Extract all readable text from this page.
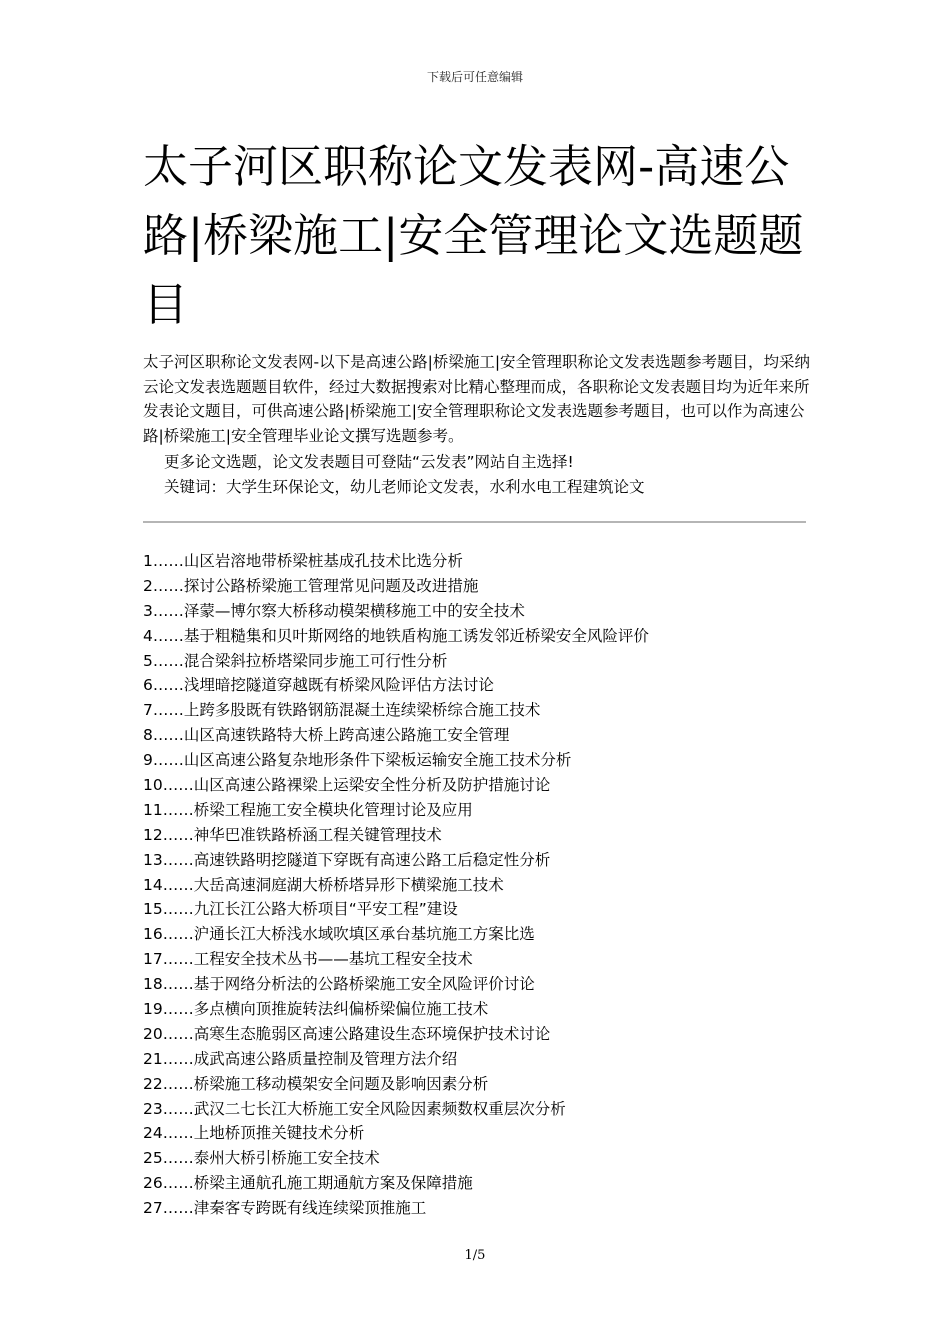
下载后可任意编辑
太子河区职称论文发表网-高速公路|桥梁施工|安全管理论文选题题目

太子河区职称论文发表网-以下是高速公路|桥梁施工|安全管理职称论文发表选题参考题目，均采纳云论文发表选题题目软件，经过大数据搜索对比精心整理而成，各职称论文发表题目均为近年来所发表论文题目，可供高速公路|桥梁施工|安全管理职称论文发表选题参考题目，也可以作为高速公路|桥梁施工|安全管理毕业论文撰写选题参考。

更多论文选题，论文发表题目可登陆“云发表”网站自主选择!
关键词：大学生环保论文，幼儿老师论文发表，水利水电工程建筑论文
1……山区岩溶地带桥梁桩基成孔技术比选分析
2……探讨公路桥梁施工管理常见问题及改进措施
3……泽蒙—博尔察大桥移动模架横移施工中的安全技术
4……基于粗糙集和贝叶斯网络的地铁盾构施工诱发邻近桥梁安全风险评价
5……混合梁斜拉桥塔梁同步施工可行性分析
6……浅埋暗挖隧道穿越既有桥梁风险评估方法讨论
7……上跨多股既有铁路钢筋混凝土连续梁桥综合施工技术
8……山区高速铁路特大桥上跨高速公路施工安全管理
9……山区高速公路复杂地形条件下梁板运输安全施工技术分析
10……山区高速公路裸梁上运梁安全性分析及防护措施讨论
11……桥梁工程施工安全模块化管理讨论及应用
12……神华巴准铁路桥涵工程关键管理技术
13……高速铁路明挖隧道下穿既有高速公路工后稳定性分析
14……大岳高速洞庭湖大桥桥塔异形下横梁施工技术
15……九江长江公路大桥项目“平安工程”建设
16……沪通长江大桥浅水域吹填区承台基坑施工方案比选
17……工程安全技术丛书——基坑工程安全技术
18……基于网络分析法的公路桥梁施工安全风险评价讨论
19……多点横向顶推旋转法纠偏桥梁偏位施工技术
20……高寒生态脆弱区高速公路建设生态环境保护技术讨论
21……成武高速公路质量控制及管理方法介绍
22……桥梁施工移动模架安全问题及影响因素分析
23……武汉二七长江大桥施工安全风险因素频数权重层次分析
24……上地桥顶推关键技术分析
25……泰州大桥引桥施工安全技术
26……桥梁主通航孔施工期通航方案及保障措施
27……津秦客专跨既有线连续梁顶推施工
1/5
